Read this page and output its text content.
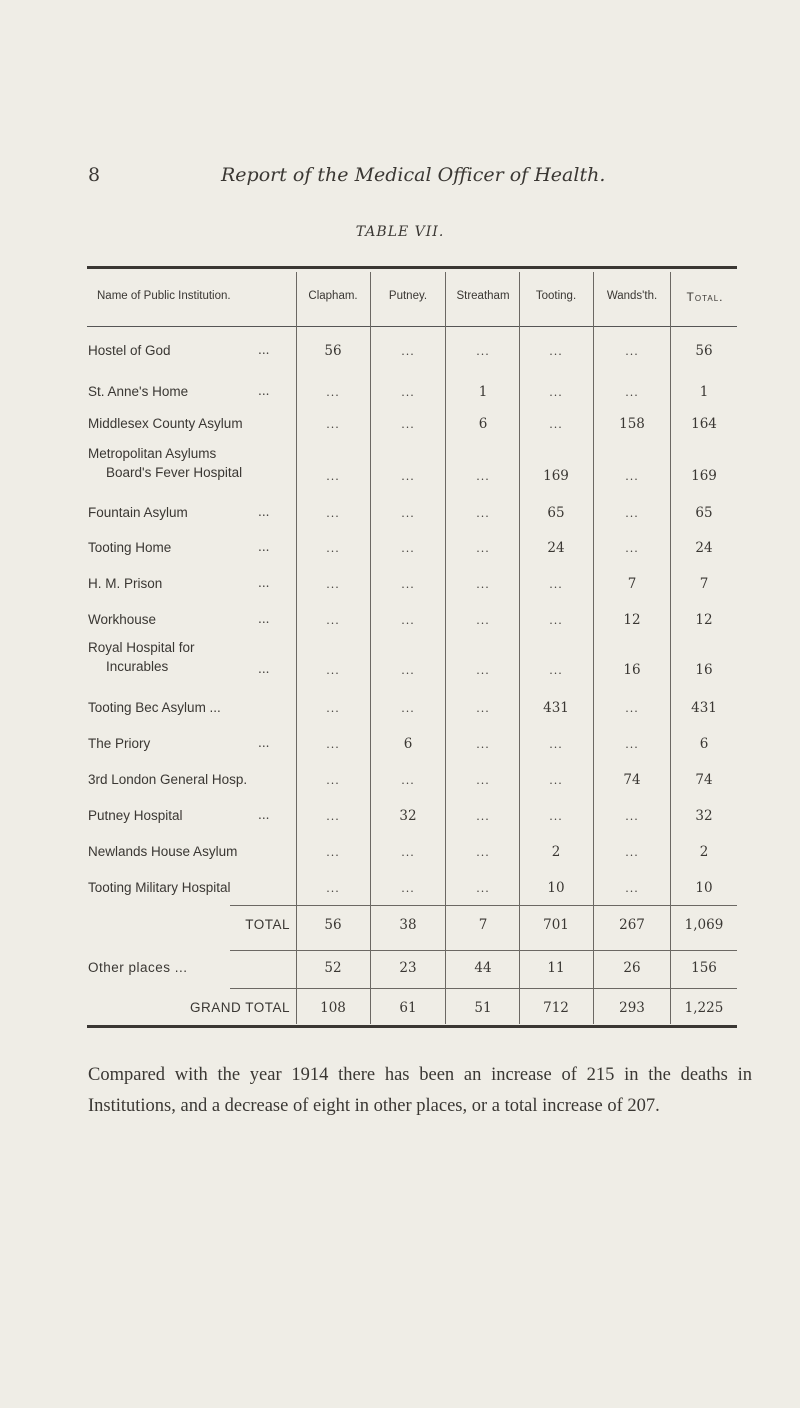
8	Report of the Medical Officer of Health.
TABLE VII.
Name of Public Institution.	Clapham.	Putney.	Streatham	Tooting.	Wands'th.	Total.
Hostel of God	...	56	...	...	...	...	56
St. Anne's Home	...	...	...	1	...	...	1
Middlesex County Asylum	...	...	6	...	158	164
Metropolitan Asylums
Board's Fever Hospital	...	...	...	169	...	169
Fountain Asylum	...	...	...	...	65	...	65
Tooting Home	...	...	...	...	24	...	24
H. M. Prison	...	...	...	...	...	7	7
Workhouse	...	...	...	...	...	12	12
Royal Hospital for
Incurables	...	...	...	...	...	16	16
Tooting Bec Asylum ...	...	...	...	431	...	431
The Priory	...	...	6	...	...	...	6
3rd London General Hosp.	...	...	...	...	74	74
Putney Hospital	...	...	32	...	...	...	32
Newlands House Asylum	...	...	...	2	...	2
Tooting Military Hospital	...	...	...	10	...	10
TOTAL	56	38	7	701	267	1,069
Other places ...	52	23	44	11	26	156
GRAND TOTAL	108	61	51	712	293	1,225
Compared with the year 1914 there has been an increase of 215 in the deaths in Institutions, and a decrease of eight in other places, or a total increase of 207.
